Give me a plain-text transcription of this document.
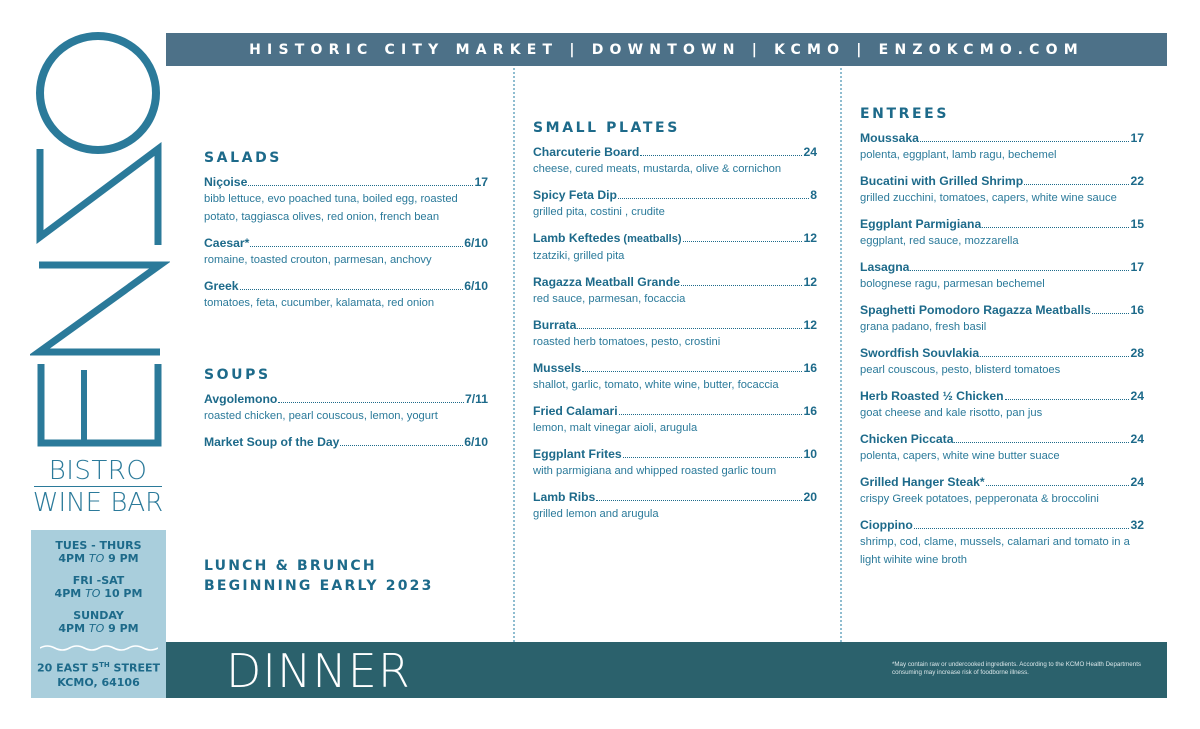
BISTRO
WINE BAR
TUES - THURS
4PM TO 9 PM
FRI -SAT
4PM TO 10 PM
SUNDAY
4PM TO 9 PM
20 EAST 5TH STREET
KCMO, 64106
HISTORIC CITY MARKET | DOWNTOWN | KCMO | ENZOKCMO.COM
SALADS
Niçoise	17
bibb lettuce, evo poached tuna, boiled egg, roasted potato, taggiasca olives, red onion, french bean
Caesar*	6/10
romaine, toasted crouton, parmesan, anchovy
Greek	6/10
tomatoes, feta, cucumber, kalamata, red onion
SOUPS
Avgolemono	7/11
roasted chicken, pearl couscous, lemon, yogurt
Market Soup of the Day	6/10
LUNCH & BRUNCH
BEGINNING EARLY 2023
SMALL PLATES
Charcuterie Board	24
cheese, cured meats, mustarda, olive & cornichon
Spicy Feta Dip	8
grilled pita, costini , crudite
Lamb Keftedes (meatballs)	12
tzatziki, grilled pita
Ragazza Meatball Grande	12
red sauce, parmesan, focaccia
Burrata	12
roasted herb tomatoes, pesto, crostini
Mussels	16
shallot, garlic, tomato, white wine, butter, focaccia
Fried Calamari	16
lemon, malt vinegar aioli, arugula
Eggplant Frites	10
with parmigiana and whipped roasted garlic toum
Lamb Ribs	20
grilled lemon and arugula
ENTREES
Moussaka	17
polenta, eggplant, lamb ragu, bechemel
Bucatini with Grilled Shrimp	22
grilled zucchini, tomatoes, capers, white wine sauce
Eggplant Parmigiana	15
eggplant, red sauce, mozzarella
Lasagna	17
bolognese ragu, parmesan bechemel
Spaghetti Pomodoro Ragazza Meatballs	16
grana padano, fresh basil
Swordfish Souvlakia	28
pearl couscous, pesto, blisterd tomatoes
Herb Roasted ½ Chicken	24
goat cheese and kale risotto, pan jus
Chicken Piccata	24
polenta, capers, white wine butter suace
Grilled Hanger Steak*	24
crispy Greek potatoes, pepperonata & broccolini
Cioppino	32
shrimp, cod, clame, mussels, calamari and tomato in a light wihite wine broth
DINNER	*May contain raw or undercooked ingredients. According to the KCMO Health Departments consuming may increase risk of foodborne illness.
